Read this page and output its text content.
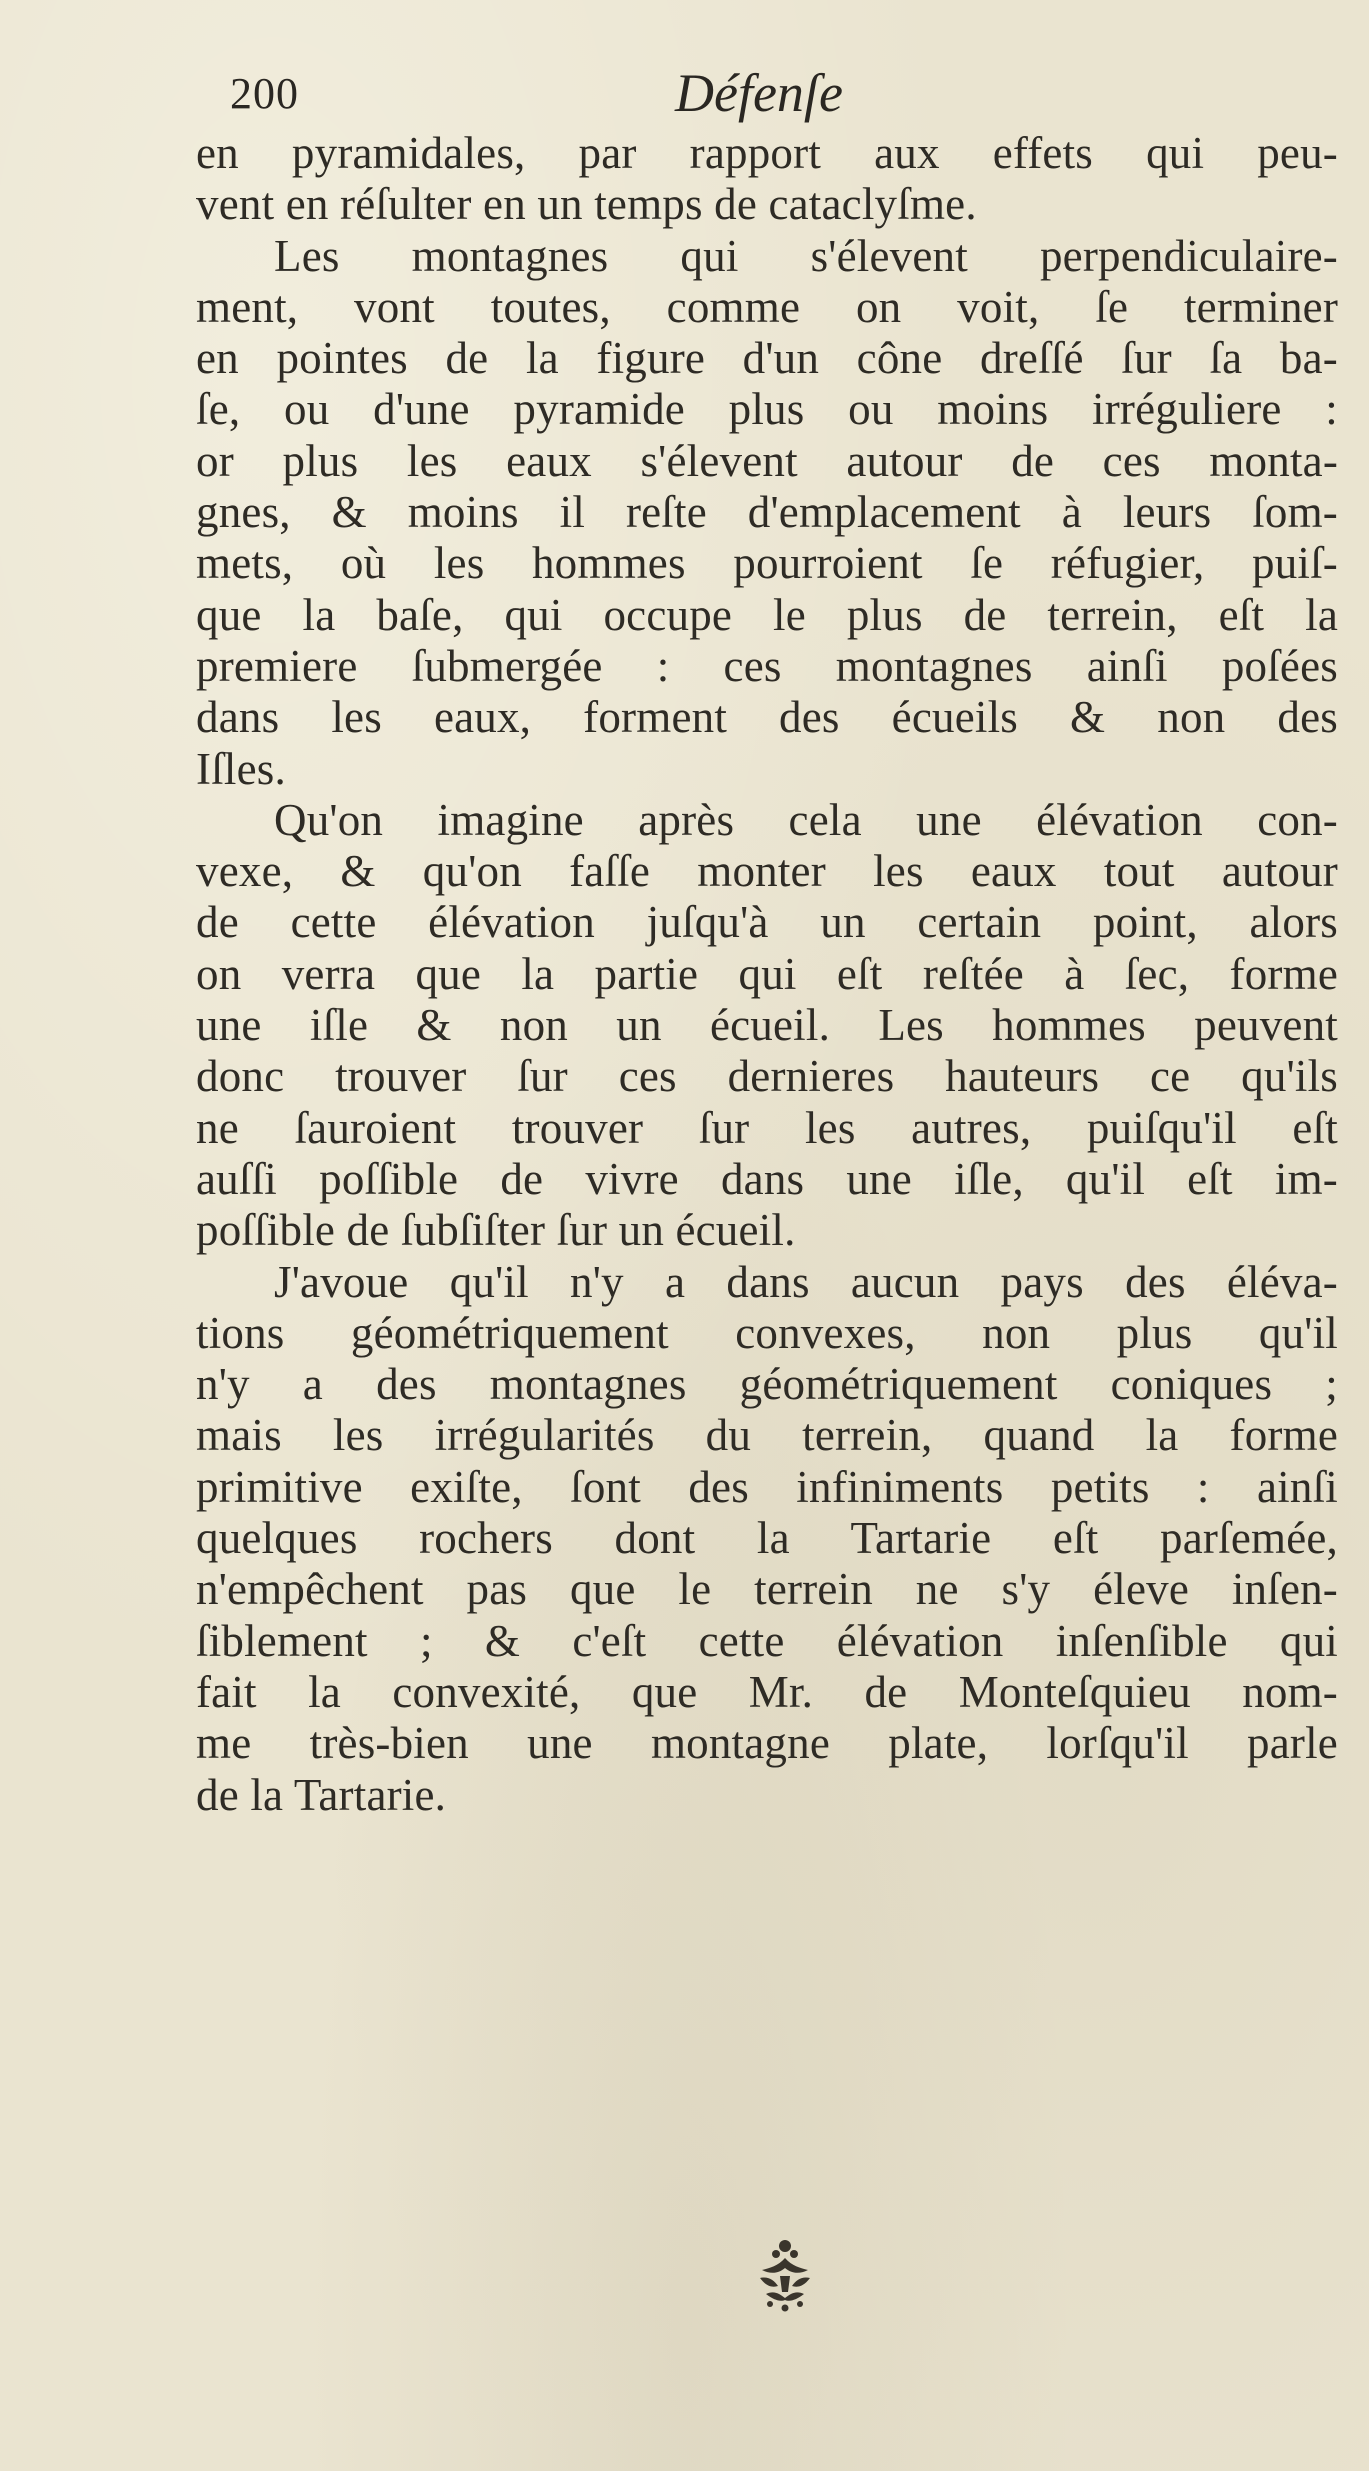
200	Défenſe
en pyramidales, par rapport aux effets qui peu-
vent en réſulter en un temps de cataclyſme.
Les montagnes qui s'élevent perpendiculaire-
ment, vont toutes, comme on voit, ſe terminer
en pointes de la figure d'un cône dreſſé ſur ſa ba-
ſe, ou d'une pyramide plus ou moins irréguliere :
or plus les eaux s'élevent autour de ces monta-
gnes, & moins il reſte d'emplacement à leurs ſom-
mets, où les hommes pourroient ſe réfugier, puiſ-
que la baſe, qui occupe le plus de terrein, eſt la
premiere ſubmergée : ces montagnes ainſi poſées
dans les eaux, forment des écueils & non des
Iſles.
Qu'on imagine après cela une élévation con-
vexe, & qu'on faſſe monter les eaux tout autour
de cette élévation juſqu'à un certain point, alors
on verra que la partie qui eſt reſtée à ſec, forme
une iſle & non un écueil. Les hommes peuvent
donc trouver ſur ces dernieres hauteurs ce qu'ils
ne ſauroient trouver ſur les autres, puiſqu'il eſt
auſſi poſſible de vivre dans une iſle, qu'il eſt im-
poſſible de ſubſiſter ſur un écueil.
J'avoue qu'il n'y a dans aucun pays des éléva-
tions géométriquement convexes, non plus qu'il
n'y a des montagnes géométriquement coniques ;
mais les irrégularités du terrein, quand la forme
primitive exiſte, ſont des infiniments petits : ainſi
quelques rochers dont la Tartarie eſt parſemée,
n'empêchent pas que le terrein ne s'y éleve inſen-
ſiblement ; & c'eſt cette élévation inſenſible qui
fait la convexité, que Mr. de Monteſquieu nom-
me très-bien une montagne plate, lorſqu'il parle
de la Tartarie.
